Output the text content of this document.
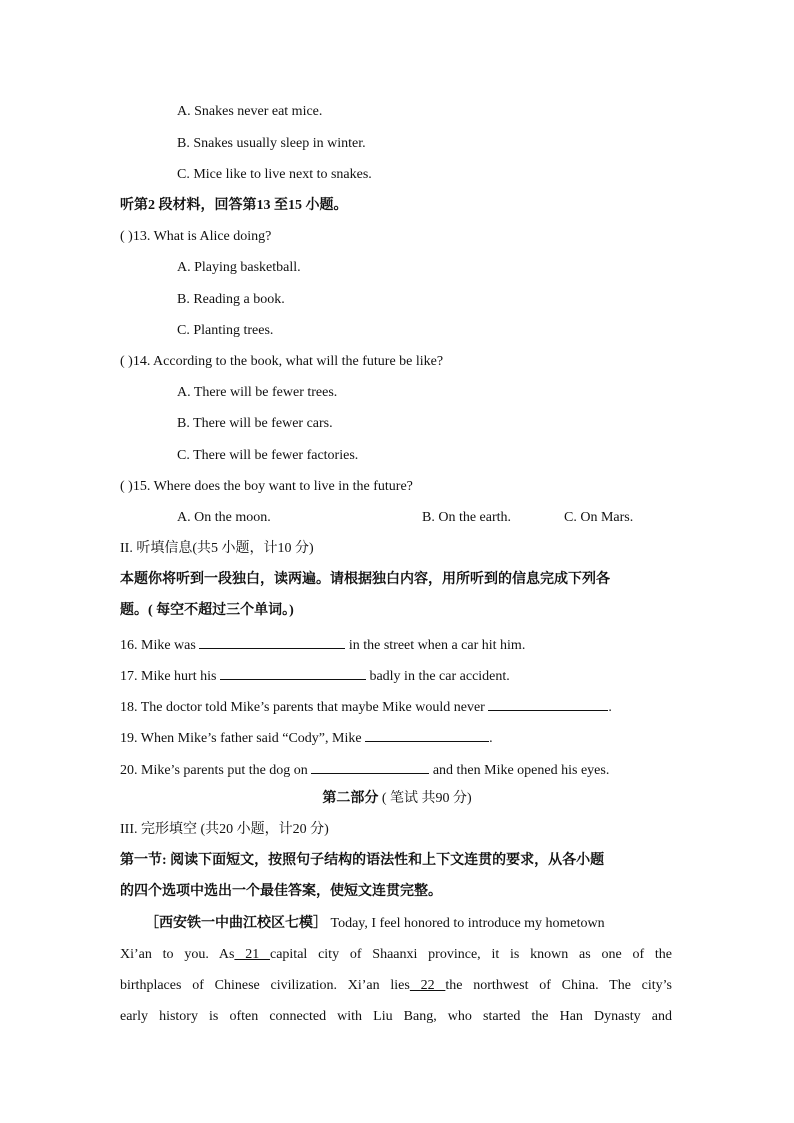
A. Snakes never eat mice.
B. Snakes usually sleep in winter.
C. Mice like to live next to snakes.
听第2 段材料，回答第13 至15 小题。
( )13. What is Alice doing?
A. Playing basketball.
B. Reading a book.
C. Planting trees.
( )14. According to the book, what will the future be like?
A. There will be fewer trees.
B. There will be fewer cars.
C. There will be fewer factories.
( )15. Where does the boy want to live in the future?
A. On the moon.	B. On the earth.	C. On Mars.
II. 听填信息(共5 小题，计10 分)
本题你将听到一段独白，读两遍。请根据独白内容，用所听到的信息完成下列各
题。( 每空不超过三个单词。)
16. Mike was	in the street when a car hit him.
17. Mike hurt his	badly in the car accident.
18. The doctor told Mike’s parents that maybe Mike would never	.
19. When Mike’s father said “Cody”, Mike	.
20. Mike’s parents put the dog on	and then Mike opened his eyes.
第二部分 ( 笔试 共90 分)
III. 完形填空 (共20 小题，计20 分)
第一节: 阅读下面短文，按照句子结构的语法性和上下文连贯的要求，从各小题
的四个选项中选出一个最佳答案，使短文连贯完整。
［西安铁一中曲江校区七模］ Today, I feel honored to introduce my hometown
Xi’an to you. As 21 capital city of Shaanxi province, it is known as one of the
birthplaces of Chinese civilization. Xi’an lies 22 the northwest of China. The city’s
early history is often connected with Liu Bang, who started the Han Dynasty and
